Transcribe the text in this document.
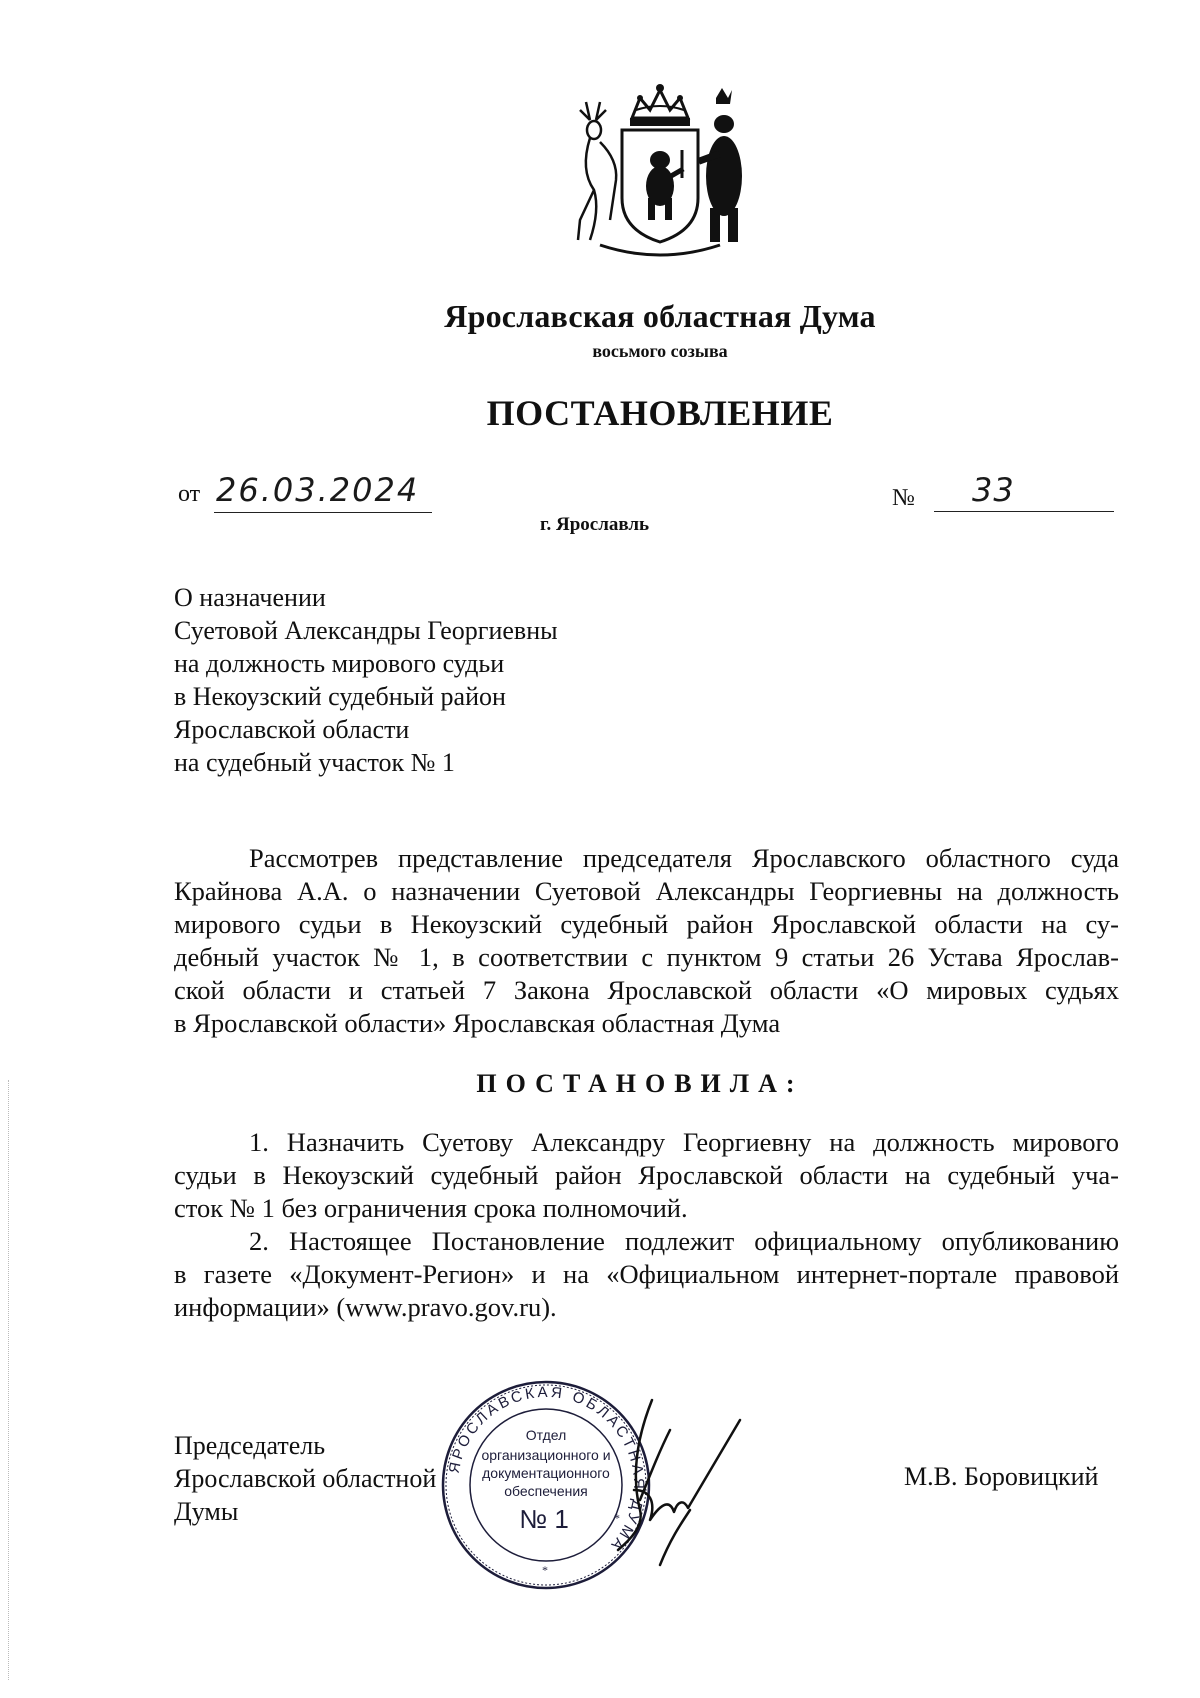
Ярославская областная Дума
восьмого созыва
ПОСТАНОВЛЕНИЕ
от 26.03.2024	№ 33
г. Ярославль
О назначении
Суетовой Александры Георгиевны
на должность мирового судьи
в Некоузский судебный район
Ярославской области
на судебный участок № 1
Рассмотрев представление председателя Ярославского областного суда
Крайнова А.А. о назначении Суетовой Александры Георгиевны на должность
мирового судьи в Некоузский судебный район Ярославской области на су-
дебный участок № 1, в соответствии с пунктом 9 статьи 26 Устава Ярослав-
ской области и статьей 7 Закона Ярославской области «О мировых судьях
в Ярославской области» Ярославская областная Дума
ПОСТАНОВИЛА:
1. Назначить Суетову Александру Георгиевну на должность мирового
судьи в Некоузский судебный район Ярославской области на судебный уча-
сток № 1 без ограничения срока полномочий.
2. Настоящее Постановление подлежит официальному опубликованию
в газете «Документ-Регион» и на «Официальном интернет-портале правовой
информации» (www.pravo.gov.ru).
Председатель
Ярославской областной Думы
М.В. Боровицкий
ЯРОСЛАВСКАЯ ОБЛАСТНАЯ ДУМА
Отдел
организационного и
документационного
обеспечения
№ 1
*
*
